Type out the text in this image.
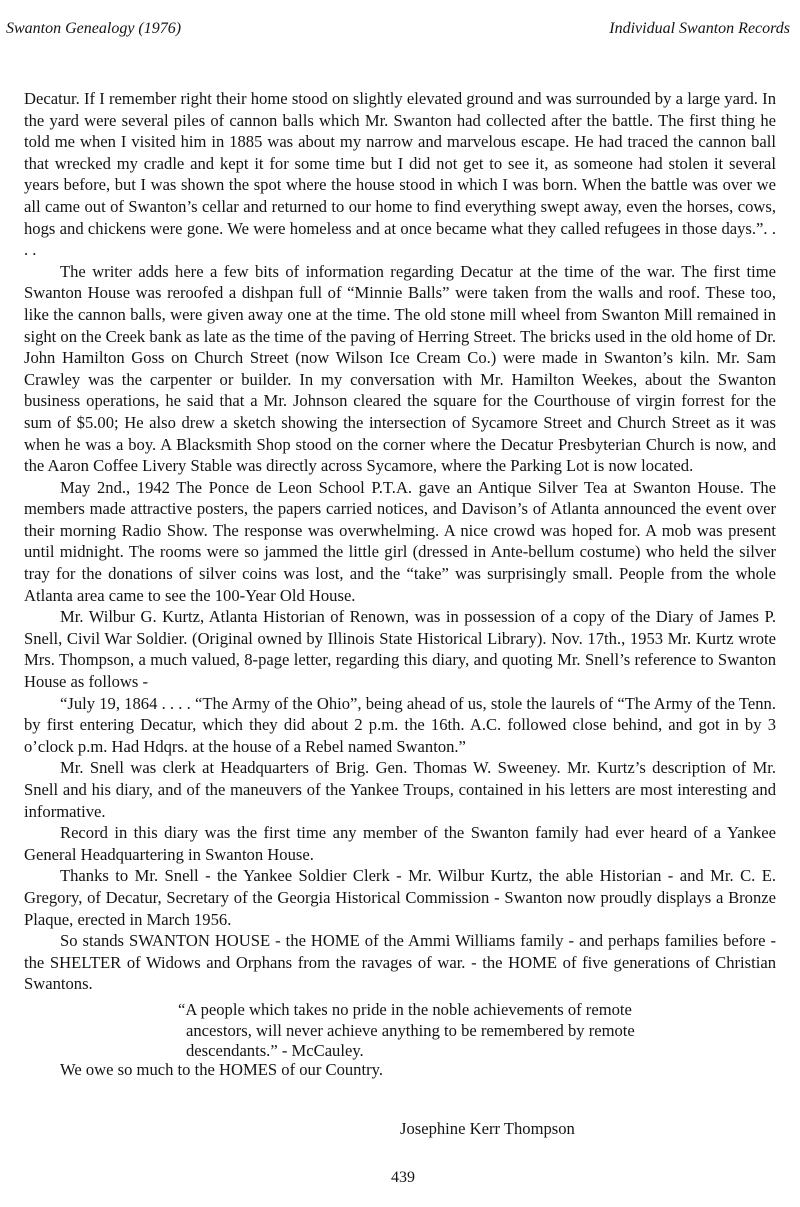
Swanton Genealogy (1976)	Individual Swanton Records

Decatur. If I remember right their home stood on slightly elevated ground and was surrounded by a large yard. In the yard were several piles of cannon balls which Mr. Swanton had collected after the battle. The first thing he told me when I visited him in 1885 was about my narrow and marvelous escape. He had traced the cannon ball that wrecked my cradle and kept it for some time but I did not get to see it, as someone had stolen it several years before, but I was shown the spot where the house stood in which I was born. When the battle was over we all came out of Swanton’s cellar and returned to our home to find everything swept away, even the horses, cows, hogs and chickens were gone. We were homeless and at once became what they called refugees in those days.”. . . .

The writer adds here a few bits of information regarding Decatur at the time of the war. The first time Swanton House was reroofed a dishpan full of “Minnie Balls” were taken from the walls and roof. These too, like the cannon balls, were given away one at the time. The old stone mill wheel from Swanton Mill remained in sight on the Creek bank as late as the time of the paving of Herring Street. The bricks used in the old home of Dr. John Hamilton Goss on Church Street (now Wilson Ice Cream Co.) were made in Swanton’s kiln. Mr. Sam Crawley was the carpenter or builder. In my conversation with Mr. Hamilton Weekes, about the Swanton business operations, he said that a Mr. Johnson cleared the square for the Courthouse of virgin forrest for the sum of $5.00; He also drew a sketch showing the intersection of Sycamore Street and Church Street as it was when he was a boy. A Blacksmith Shop stood on the corner where the Decatur Presbyterian Church is now, and the Aaron Coffee Livery Stable was directly across Sycamore, where the Parking Lot is now located.

May 2nd., 1942 The Ponce de Leon School P.T.A. gave an Antique Silver Tea at Swanton House. The members made attractive posters, the papers carried notices, and Davison’s of Atlanta announced the event over their morning Radio Show. The response was overwhelming. A nice crowd was hoped for. A mob was present until midnight. The rooms were so jammed the little girl (dressed in Ante-bellum costume) who held the silver tray for the donations of silver coins was lost, and the “take” was surprisingly small. People from the whole Atlanta area came to see the 100-Year Old House.

Mr. Wilbur G. Kurtz, Atlanta Historian of Renown, was in possession of a copy of the Diary of James P. Snell, Civil War Soldier. (Original owned by Illinois State Historical Library). Nov. 17th., 1953 Mr. Kurtz wrote Mrs. Thompson, a much valued, 8-page letter, regarding this diary, and quoting Mr. Snell’s reference to Swanton House as follows -

“July 19, 1864 . . . . “The Army of the Ohio”, being ahead of us, stole the laurels of “The Army of the Tenn. by first entering Decatur, which they did about 2 p.m. the 16th. A.C. followed close behind, and got in by 3 o’clock p.m. Had Hdqrs. at the house of a Rebel named Swanton.”

Mr. Snell was clerk at Headquarters of Brig. Gen. Thomas W. Sweeney. Mr. Kurtz’s description of Mr. Snell and his diary, and of the maneuvers of the Yankee Troups, contained in his letters are most interesting and informative.

Record in this diary was the first time any member of the Swanton family had ever heard of a Yankee General Headquartering in Swanton House.

Thanks to Mr. Snell - the Yankee Soldier Clerk - Mr. Wilbur Kurtz, the able Historian - and Mr. C. E. Gregory, of Decatur, Secretary of the Georgia Historical Commission - Swanton now proudly displays a Bronze Plaque, erected in March 1956.

So stands SWANTON HOUSE - the HOME of the Ammi Williams family - and perhaps families before - the SHELTER of Widows and Orphans from the ravages of war. - the HOME of five generations of Christian Swantons.

“A people which takes no pride in the noble achievements of remote
ancestors, will never achieve anything to be remembered by remote
descendants.” - McCauley.
We owe so much to the HOMES of our Country.
Josephine Kerr Thompson
439
